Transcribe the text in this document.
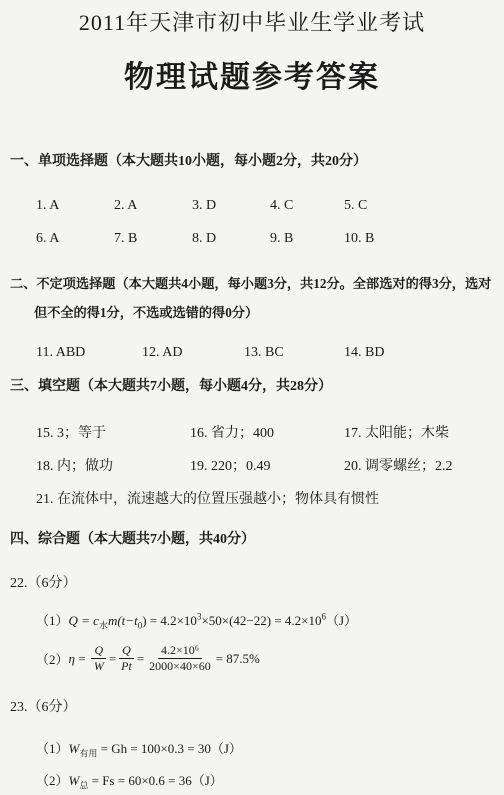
2011年天津市初中毕业生学业考试
物理试题参考答案
一、单项选择题（本大题共10小题，每小题2分，共20分）
1. A	2. A	3. D	4. C	5. C
6. A	7. B	8. D	9. B	10. B
二、不定项选择题（本大题共4小题，每小题3分，共12分。全部选对的得3分，选对
但不全的得1分，不选或选错的得0分）
11. ABD	12. AD	13. BC	14. BD
三、填空题（本大题共7小题，每小题4分，共28分）
15. 3；等于	16. 省力；400	17. 太阳能；木柴
18. 内；做功	19. 220；0.49	20. 调零螺丝；2.2
21. 在流体中，流速越大的位置压强越小；物体具有惯性
四、综合题（本大题共7小题，共40分）
22.（6分）
$(1)Q = c_水m(t-t_0) = 4.2\times 10^3\times 50\times(42-22) = 4.2\times 10^6(J)$
（2） $\eta = \frac{Q}{W} = \frac{Q}{Pt} = \frac{\text{4.2×10⁶}}{2000\times 40\times 60} = 87.5\%$
23.（6分）
$(1)W_{有用} = Gh = 100\times 0.3 = 30(J)$
$(2)W_总 = Fs = 60\times 0.6 = 36(J)$
